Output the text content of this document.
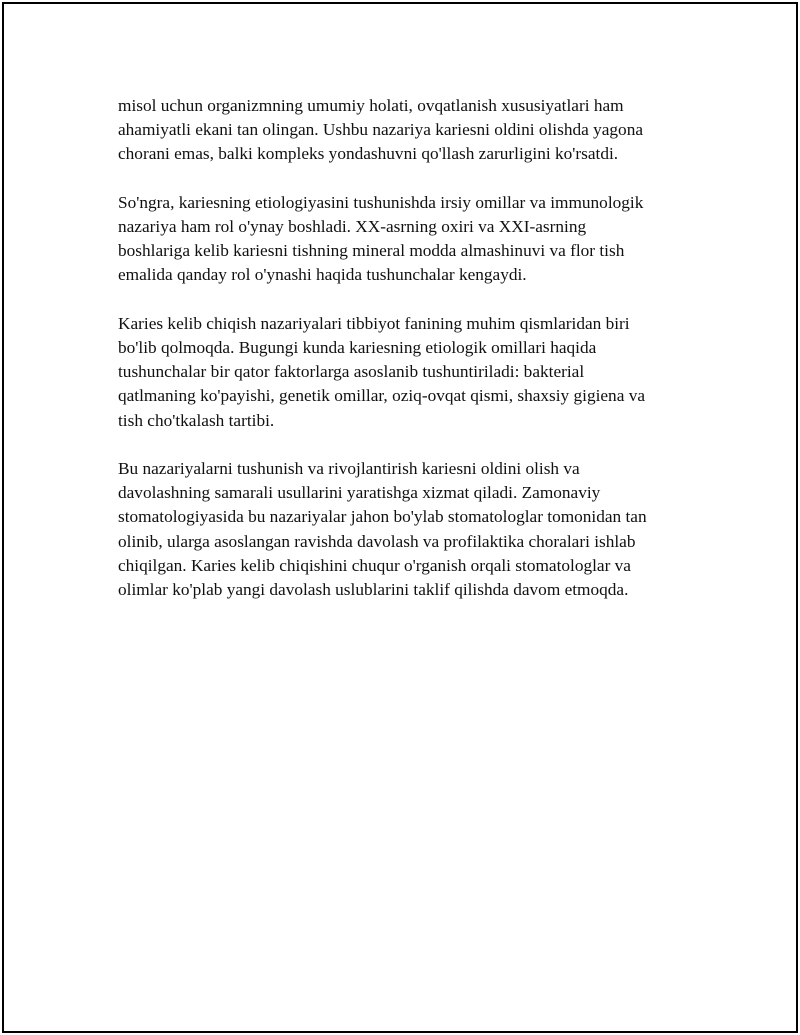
misol uchun organizmning umumiy holati, ovqatlanish xususiyatlari ham
ahamiyatli ekani tan olingan. Ushbu nazariya kariesni oldini olishda yagona
chorani emas, balki kompleks yondashuvni qo'llash zarurligini ko'rsatdi.

So'ngra, kariesning etiologiyasini tushunishda irsiy omillar va immunologik
nazariya ham rol o'ynay boshladi. XX-asrning oxiri va XXI-asrning
boshlariga kelib kariesni tishning mineral modda almashinuvi va flor tish
emalida qanday rol o'ynashi haqida tushunchalar kengaydi.

Karies kelib chiqish nazariyalari tibbiyot fanining muhim qismlaridan biri
bo'lib qolmoqda. Bugungi kunda kariesning etiologik omillari haqida
tushunchalar bir qator faktorlarga asoslanib tushuntiriladi: bakterial
qatlmaning ko'payishi, genetik omillar, oziq-ovqat qismi, shaxsiy gigiena va
tish cho'tkalash tartibi.

Bu nazariyalarni tushunish va rivojlantirish kariesni oldini olish va
davolashning samarali usullarini yaratishga xizmat qiladi. Zamonaviy
stomatologiyasida bu nazariyalar jahon bo'ylab stomatologlar tomonidan tan
olinib, ularga asoslangan ravishda davolash va profilaktika choralari ishlab
chiqilgan. Karies kelib chiqishini chuqur o'rganish orqali stomatologlar va
olimlar ko'plab yangi davolash uslublarini taklif qilishda davom etmoqda.
